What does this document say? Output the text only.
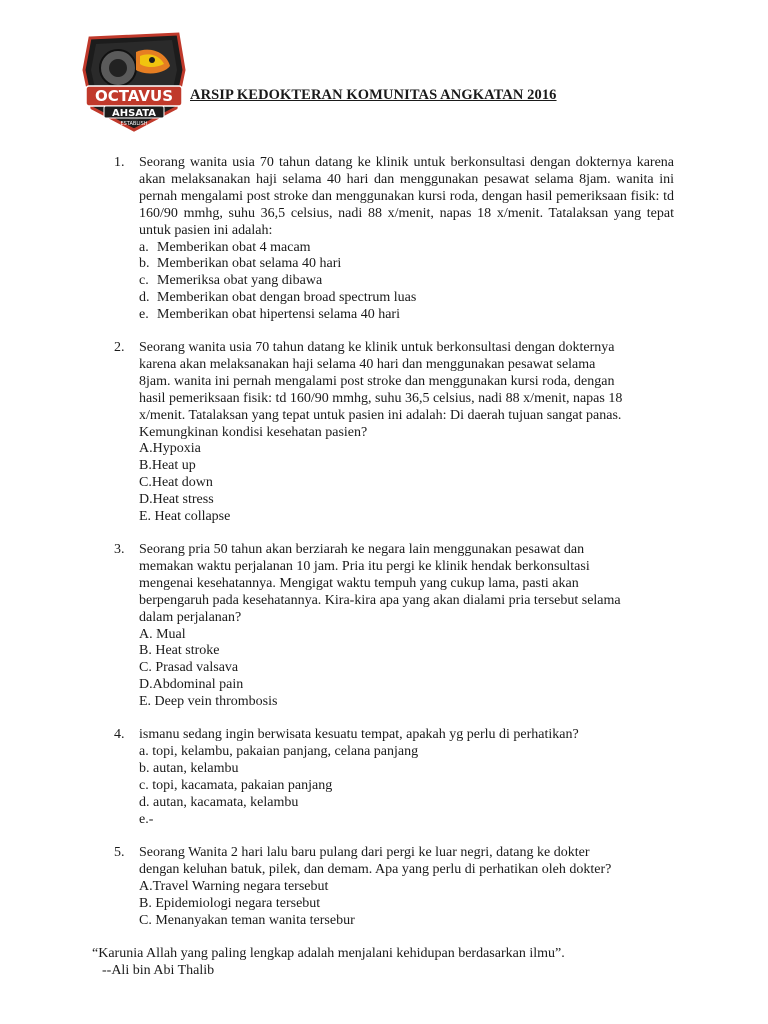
OCTAVUS
AHSATA
ESTABLISH
ARSIP KEDOKTERAN KOMUNITAS ANGKATAN 2016
1.	Seorang wanita usia 70 tahun datang ke klinik untuk berkonsultasi dengan dokternya karena akan melaksanakan haji selama 40 hari dan menggunakan pesawat selama 8jam. wanita ini pernah mengalami post stroke dan menggunakan kursi roda, dengan hasil pemeriksaan fisik: td 160/90 mmhg, suhu 36,5 celsius, nadi 88 x/menit, napas 18 x/menit. Tatalaksan yang tepat untuk pasien ini adalah:
a. Memberikan obat 4 macam
b. Memberikan obat selama 40 hari
c. Memeriksa obat yang dibawa
d. Memberikan obat dengan broad spectrum luas
e. Memberikan obat hipertensi selama 40 hari
2.	Seorang wanita usia 70 tahun datang ke klinik untuk berkonsultasi dengan dokternya
karena akan melaksanakan haji selama 40 hari dan menggunakan pesawat selama
8jam. wanita ini pernah mengalami post stroke dan menggunakan kursi roda, dengan
hasil pemeriksaan fisik: td 160/90 mmhg, suhu 36,5 celsius, nadi 88 x/menit, napas 18
x/menit. Tatalaksan yang tepat untuk pasien ini adalah: Di daerah tujuan sangat panas.
Kemungkinan kondisi kesehatan pasien?
A.Hypoxia
B.Heat up
C.Heat down
D.Heat stress
E. Heat collapse
3.	Seorang pria 50 tahun akan berziarah ke negara lain menggunakan pesawat dan
memakan waktu perjalanan 10 jam. Pria itu pergi ke klinik hendak berkonsultasi
mengenai kesehatannya. Mengigat waktu tempuh yang cukup lama, pasti akan
berpengaruh pada kesehatannya. Kira-kira apa yang akan dialami pria tersebut selama
dalam perjalanan?
A. Mual
B. Heat stroke
C. Prasad valsava
D.Abdominal pain
E. Deep vein thrombosis
4.	ismanu sedang ingin berwisata kesuatu tempat, apakah yg perlu di perhatikan?
a. topi, kelambu, pakaian panjang, celana panjang
b. autan, kelambu
c. topi, kacamata, pakaian panjang
d. autan, kacamata, kelambu
e.-
5.	Seorang Wanita 2 hari lalu baru pulang dari pergi ke luar negri, datang ke dokter
dengan keluhan batuk, pilek, dan demam. Apa yang perlu di perhatikan oleh dokter?
A.Travel Warning negara tersebut
B. Epidemiologi negara tersebut
C. Menanyakan teman wanita tersebur
“Karunia Allah yang paling lengkap adalah menjalani kehidupan berdasarkan ilmu”.
--Ali bin Abi Thalib
